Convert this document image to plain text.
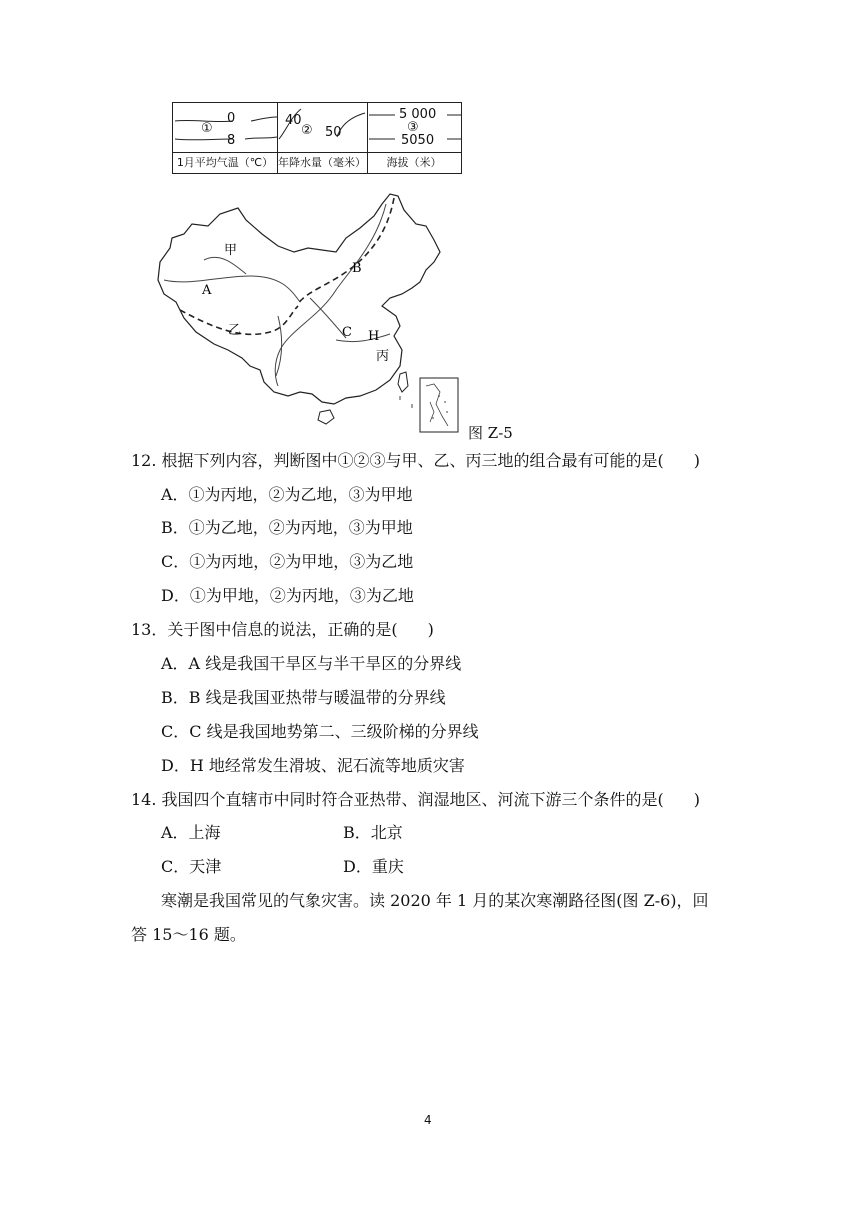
0
①
8
1月平均气温（℃）
40
② 50
年降水量（毫米）
5 000
③
5050
海拔（米）
甲
乙
丙
A
B
C H
图 Z-5
12. 根据下列内容，判断图中①②③与甲、乙、丙三地的组合最有可能的是( )
A．①为丙地，②为乙地，③为甲地
B．①为乙地，②为丙地，③为甲地
C．①为丙地，②为甲地，③为乙地
D．①为甲地，②为丙地，③为乙地
13．关于图中信息的说法，正确的是( )
A．A 线是我国干旱区与半干旱区的分界线
B．B 线是我国亚热带与暖温带的分界线
C．C 线是我国地势第二、三级阶梯的分界线
D．H 地经常发生滑坡、泥石流等地质灾害
14. 我国四个直辖市中同时符合亚热带、润湿地区、河流下游三个条件的是( )
A．上海	B．北京
C．天津	D．重庆
寒潮是我国常见的气象灾害。读 2020 年 1 月的某次寒潮路径图(图 Z-6)，回
答 15～16 题。
4
